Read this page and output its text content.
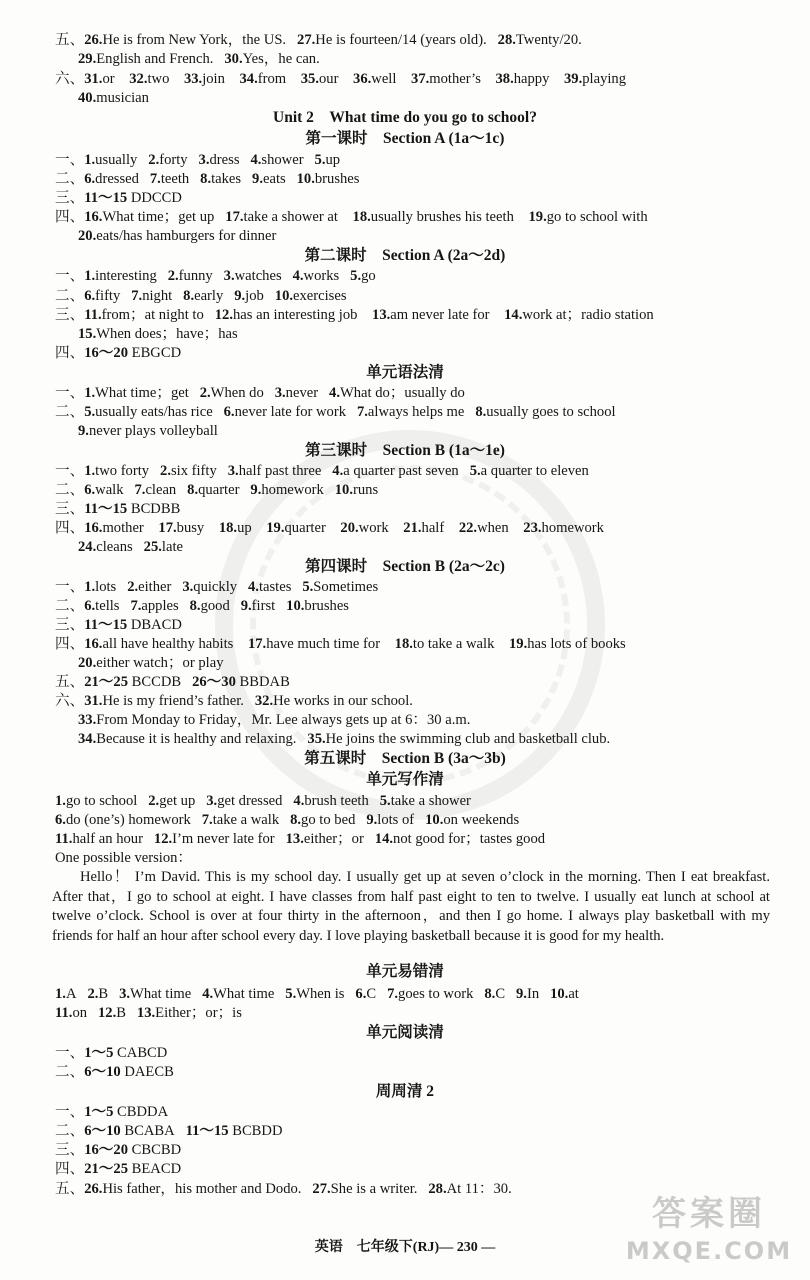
五、26.He is from New York，the US.   27.He is fourteen/14 (years old).   28.Twenty/20.
29.English and French.   30.Yes，he can.
六、31.or    32.two    33.join    34.from    35.our    36.well    37.mother’s    38.happy    39.playing
40.musician
Unit 2　What time do you go to school?
第一课时　Section A (1a～1c)
一、1.usually   2.forty   3.dress   4.shower   5.up
二、6.dressed   7.teeth   8.takes   9.eats   10.brushes
三、11～15 DDCCD
四、16.What time；get up   17.take a shower at    18.usually brushes his teeth    19.go to school with
20.eats/has hamburgers for dinner
第二课时　Section A (2a～2d)
一、1.interesting   2.funny   3.watches   4.works   5.go
二、6.fifty   7.night   8.early   9.job   10.exercises
三、11.from；at night to   12.has an interesting job    13.am never late for    14.work at；radio station
15.When does；have；has
四、16～20 EBGCD
单元语法清
一、1.What time；get   2.When do   3.never   4.What do；usually do
二、5.usually eats/has rice   6.never late for work   7.always helps me   8.usually goes to school
9.never plays volleyball
第三课时　Section B (1a～1e)
一、1.two forty   2.six fifty   3.half past three   4.a quarter past seven   5.a quarter to eleven
二、6.walk   7.clean   8.quarter   9.homework   10.runs
三、11～15 BCDBB
四、16.mother    17.busy    18.up    19.quarter    20.work    21.half    22.when    23.homework
24.cleans   25.late
第四课时　Section B (2a～2c)
一、1.lots   2.either   3.quickly   4.tastes   5.Sometimes
二、6.tells   7.apples   8.good   9.first   10.brushes
三、11～15 DBACD
四、16.all have healthy habits    17.have much time for    18.to take a walk    19.has lots of books
20.either watch；or play
五、21～25 BCCDB   26～30 BBDAB
六、31.He is my friend’s father.   32.He works in our school.
33.From Monday to Friday，Mr. Lee always gets up at 6：30 a.m.
34.Because it is healthy and relaxing.   35.He joins the swimming club and basketball club.
第五课时　Section B (3a～3b)
单元写作清
1.go to school   2.get up   3.get dressed   4.brush teeth   5.take a shower
6.do (one’s) homework   7.take a walk   8.go to bed   9.lots of   10.on weekends
11.half an hour   12.I’m never late for   13.either；or   14.not good for；tastes good
One possible version：
Hello！ I’m David. This is my school day. I usually get up at seven o’clock in the morning. Then I eat breakfast. After that，I go to school at eight. I have classes from half past eight to ten to twelve. I usually eat lunch at school at twelve o’clock. School is over at four thirty in the afternoon，and then I go home. I always play basketball with my friends for half an hour after school every day. I love playing basketball because it is good for my health.
单元易错清
1.A   2.B   3.What time   4.What time   5.When is   6.C   7.goes to work   8.C   9.In   10.at
11.on   12.B   13.Either；or；is
单元阅读清
一、1～5 CABCD
二、6～10 DAECB
周周清 2
一、1～5 CBDDA
二、6～10 BCABA   11～15 BCBDD
三、16～20 CBCBD
四、21～25 BEACD
五、26.His father，his mother and Dodo.   27.She is a writer.   28.At 11：30.
英语　七年级下(RJ)— 230 —
答案圈
MXQE.COM
